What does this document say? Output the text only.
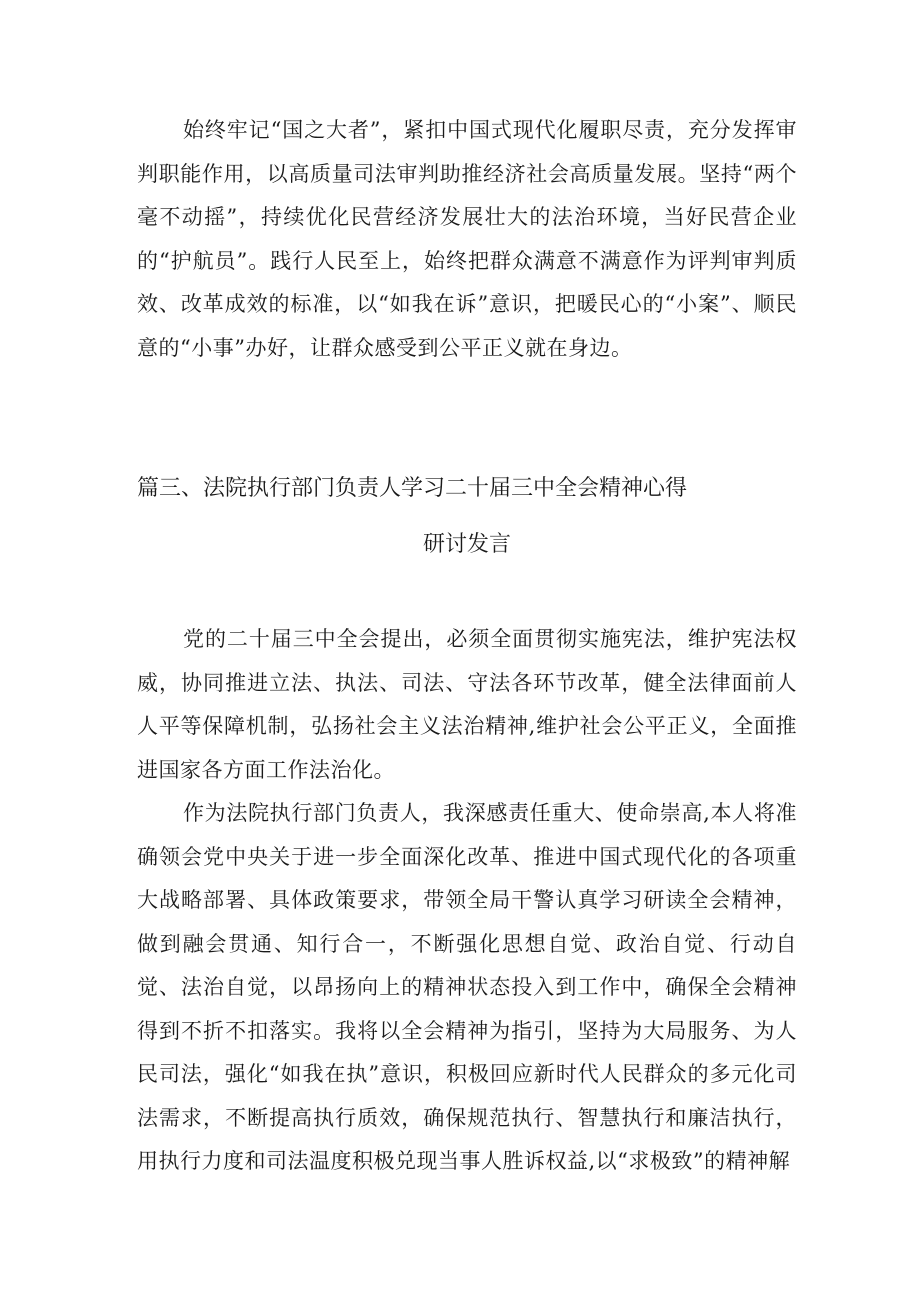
始终牢记“国之大者”，紧扣中国式现代化履职尽责，充分发挥审判职能作用，以高质量司法审判助推经济社会高质量发展。坚持“两个毫不动摇”，持续优化民营经济发展壮大的法治环境，当好民营企业的“护航员”。践行人民至上，始终把群众满意不满意作为评判审判质效、改革成效的标准，以“如我在诉”意识，把暖民心的“小案”、顺民意的“小事”办好，让群众感受到公平正义就在身边。

篇三、法院执行部门负责人学习二十届三中全会精神心得
研讨发言

党的二十届三中全会提出，必须全面贯彻实施宪法，维护宪法权威，协同推进立法、执法、司法、守法各环节改革，健全法律面前人人平等保障机制，弘扬社会主义法治精神,维护社会公平正义，全面推进国家各方面工作法治化。

作为法院执行部门负责人，我深感责任重大、使命崇高,本人将准确领会党中央关于进一步全面深化改革、推进中国式现代化的各项重大战略部署、具体政策要求，带领全局干警认真学习研读全会精神，做到融会贯通、知行合一，不断强化思想自觉、政治自觉、行动自觉、法治自觉，以昂扬向上的精神状态投入到工作中，确保全会精神得到不折不扣落实。我将以全会精神为指引，坚持为大局服务、为人民司法，强化“如我在执”意识，积极回应新时代人民群众的多元化司法需求，不断提高执行质效，确保规范执行、智慧执行和廉洁执行，用执行力度和司法温度积极兑现当事人胜诉权益,以“求极致”的精神解
